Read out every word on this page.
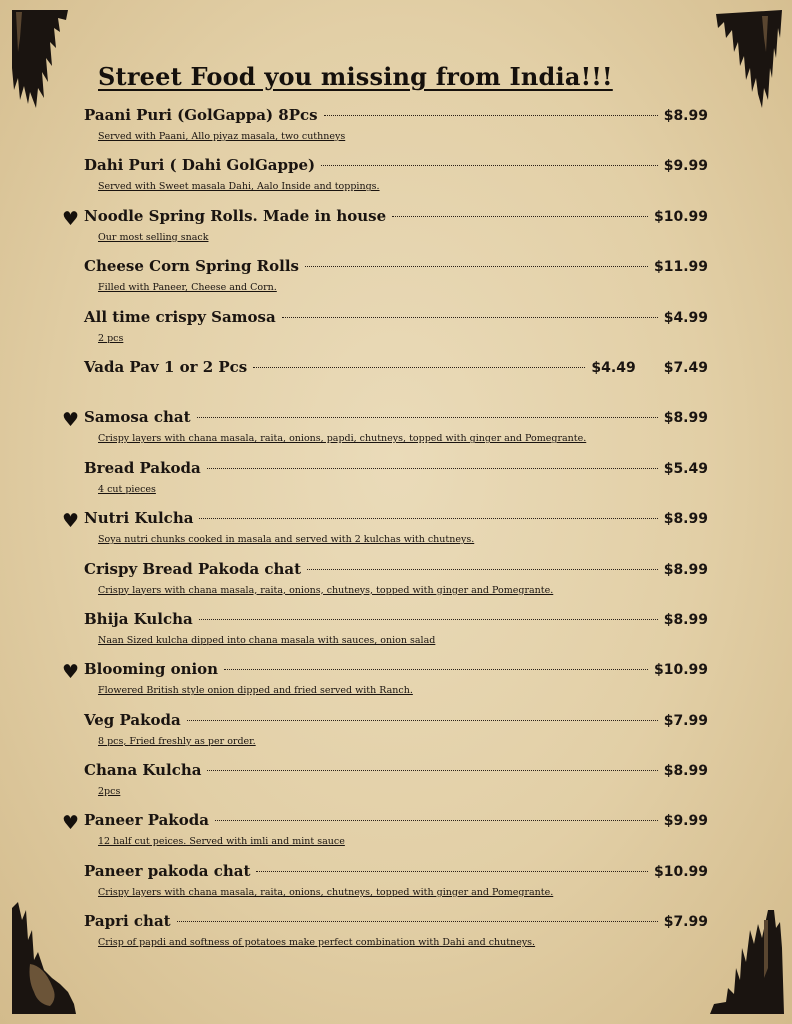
Street Food you missing from India!!!
Paani Puri (GolGappa) 8Pcs	$8.99

Served with Paani, Allo piyaz masala, two cuthneys

Dahi Puri ( Dahi GolGappe)	$9.99

Served with Sweet masala Dahi, Aalo Inside and toppings.

♥ Noodle Spring Rolls. Made in house	$10.99

Our most selling snack

Cheese Corn Spring Rolls	$11.99

Filled with Paneer, Cheese and Corn.

All time crispy Samosa	$4.99

2 pcs

Vada Pav 1 or 2 Pcs	$4.49 $7.49
♥ Samosa chat	$8.99

Crispy layers with chana masala, raita, onions, papdi, chutneys, topped with ginger and Pomegrante.

Bread Pakoda	$5.49

4 cut pieces

♥ Nutri Kulcha	$8.99

Soya nutri chunks cooked in masala and served with 2 kulchas with chutneys.

Crispy Bread Pakoda chat	$8.99

Crispy layers with chana masala, raita, onions, chutneys, topped with ginger and Pomegrante.

Bhija Kulcha	$8.99

Naan Sized kulcha dipped into chana masala with sauces, onion salad

♥ Blooming onion	$10.99

Flowered British style onion dipped and fried served with Ranch.

Veg Pakoda	$7.99

8 pcs, Fried freshly as per order.

Chana Kulcha	$8.99

2pcs

♥ Paneer Pakoda	$9.99

12 half cut peices. Served with imli and mint sauce

Paneer pakoda chat	$10.99

Crispy layers with chana masala, raita, onions, chutneys, topped with ginger and Pomegrante.

Papri chat	$7.99

Crisp of papdi and softness of potatoes make perfect combination with Dahi and chutneys.
